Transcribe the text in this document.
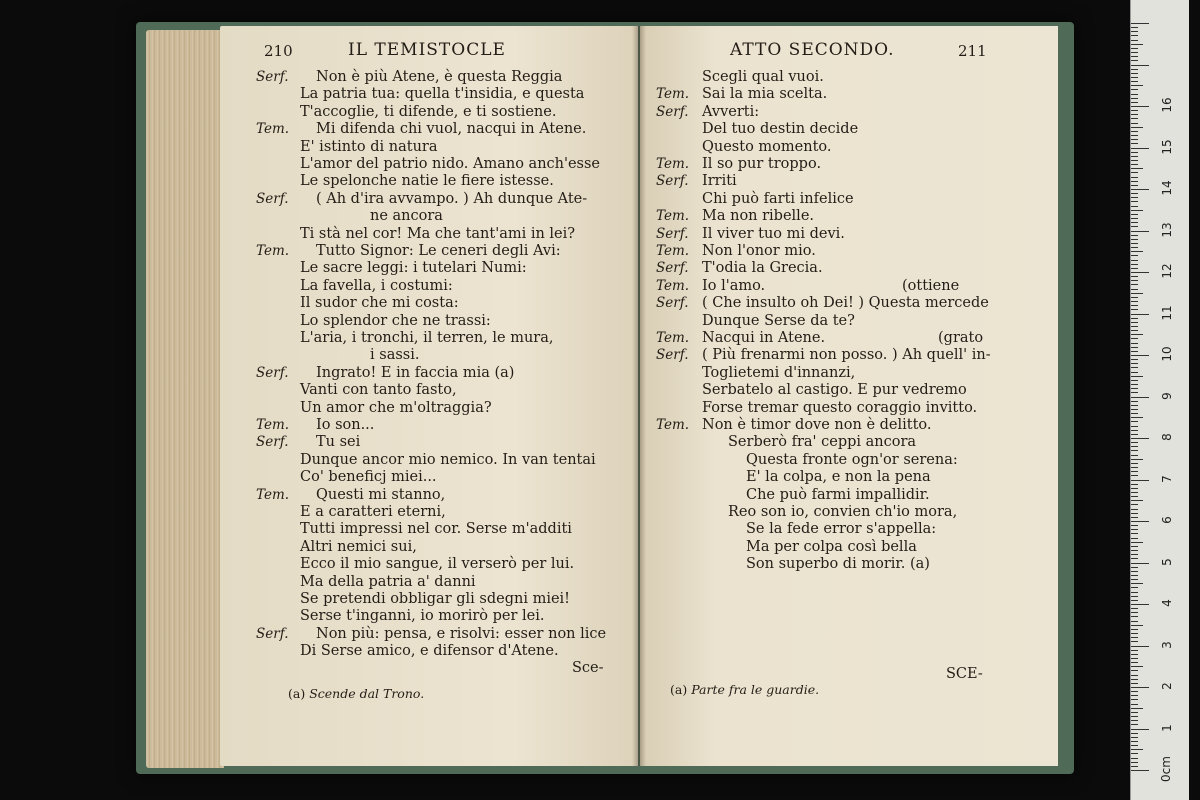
210	IL TEMISTOCLE
Serf. Non è più Atene, è questa Reggia
La patria tua: quella t'insidia, e questa
T'accoglie, ti difende, e ti sostiene.
Tem. Mi difenda chi vuol, nacqui in Atene.
E' istinto di natura
L'amor del patrio nido. Amano anch'esse
Le spelonche natie le fiere istesse.
Serf. ( Ah d'ira avvampo. ) Ah dunque Ate-
ne ancora
Ti stà nel cor! Ma che tant'ami in lei?
Tem. Tutto Signor: Le ceneri degli Avi:
Le sacre leggi: i tutelari Numi:
La favella, i costumi:
Il sudor che mi costa:
Lo splendor che ne trassi:
L'aria, i tronchi, il terren, le mura,
i sassi.
Serf. Ingrato! E in faccia mia (a)
Vanti con tanto fasto,
Un amor che m'oltraggia?
Tem. Io son...
Serf. Tu sei
Dunque ancor mio nemico. In van tentai
Co' beneficj miei...
Tem. Questi mi stanno,
E a caratteri eterni,
Tutti impressi nel cor. Serse m'additi
Altri nemici sui,
Ecco il mio sangue, il verserò per lui.
Ma della patria a' danni
Se pretendi obbligar gli sdegni miei!
Serse t'inganni, io morirò per lei.
Serf. Non più: pensa, e risolvi: esser non lice
Di Serse amico, e difensor d'Atene.
Sce-
(a) Scende dal Trono.
ATTO SECONDO.	211
Scegli qual vuoi.
Tem. Sai la mia scelta.
Serf. Avverti:
Del tuo destin decide
Questo momento.
Tem. Il so pur troppo.
Serf. Irriti
Chi può farti infelice
Tem. Ma non ribelle.
Serf. Il viver tuo mi devi.
Tem. Non l'onor mio.
Serf. T'odia la Grecia.
Tem. Io l'amo.	(ottiene
Serf. ( Che insulto oh Dei! ) Questa mercede
Dunque Serse da te?
Tem. Nacqui in Atene.	(grato
Serf. ( Più frenarmi non posso. ) Ah quell' in-
Toglietemi d'innanzi,
Serbatelo al castigo. E pur vedremo
Forse tremar questo coraggio invitto.
Tem. Non è timor dove non è delitto.
Serberò fra' ceppi ancora
Questa fronte ogn'or serena:
E' la colpa, e non la pena
Che può farmi impallidir.
Reo son io, convien ch'io mora,
Se la fede error s'appella:
Ma per colpa così bella
Son superbo di morir. (a)
SCE-
(a) Parte fra le guardie.
0cm
1
2
3
4
5
6
7
8
9
10
11
12
13
14
15
16
